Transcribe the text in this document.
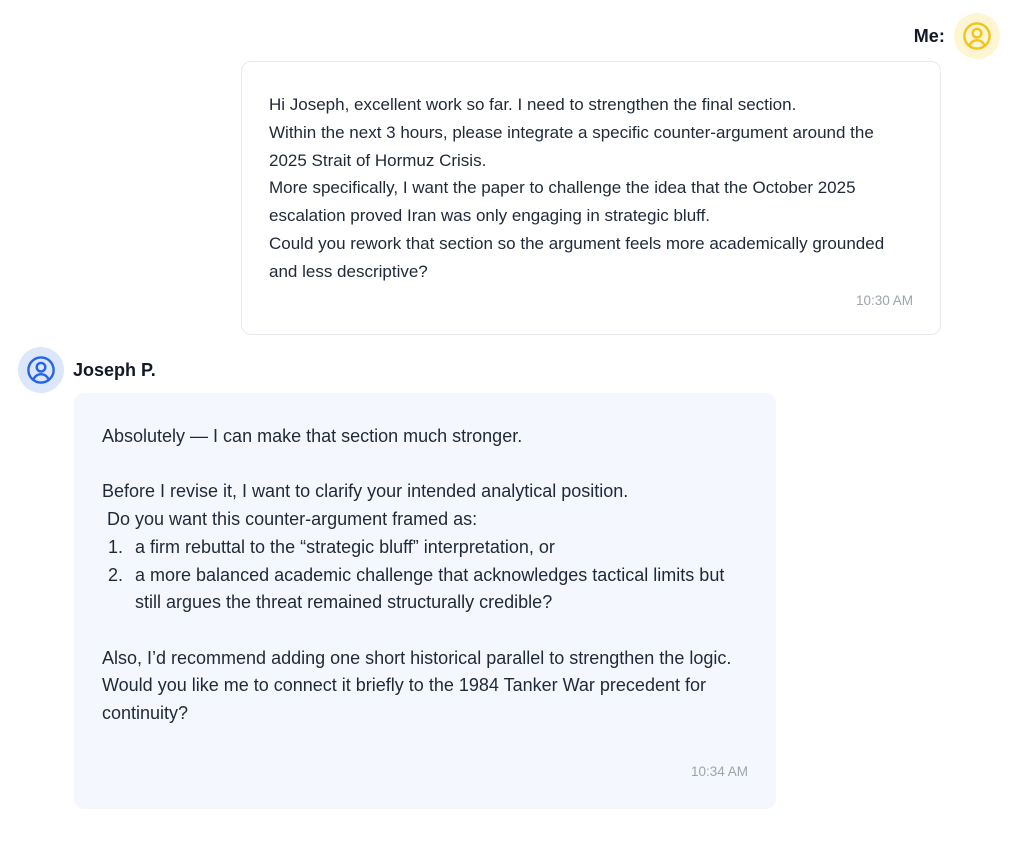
Me:

Hi Joseph, excellent work so far. I need to strengthen the final section.

Within the next 3 hours, please integrate a specific counter-argument around the 2025 Strait of Hormuz Crisis.

More specifically, I want the paper to challenge the idea that the October 2025 escalation proved Iran was only engaging in strategic bluff.

Could you rework that section so the argument feels more academically grounded and less descriptive?

10:30 AM
Joseph P.

Absolutely — I can make that section much stronger.

Before I revise it, I want to clarify your intended analytical position.

Do you want this counter-argument framed as:

1. a firm rebuttal to the “strategic bluff” interpretation, or
2. a more balanced academic challenge that acknowledges tactical limits but still argues the threat remained structurally credible?

Also, I’d recommend adding one short historical parallel to strengthen the logic.

Would you like me to connect it briefly to the 1984 Tanker War precedent for continuity?

10:34 AM
